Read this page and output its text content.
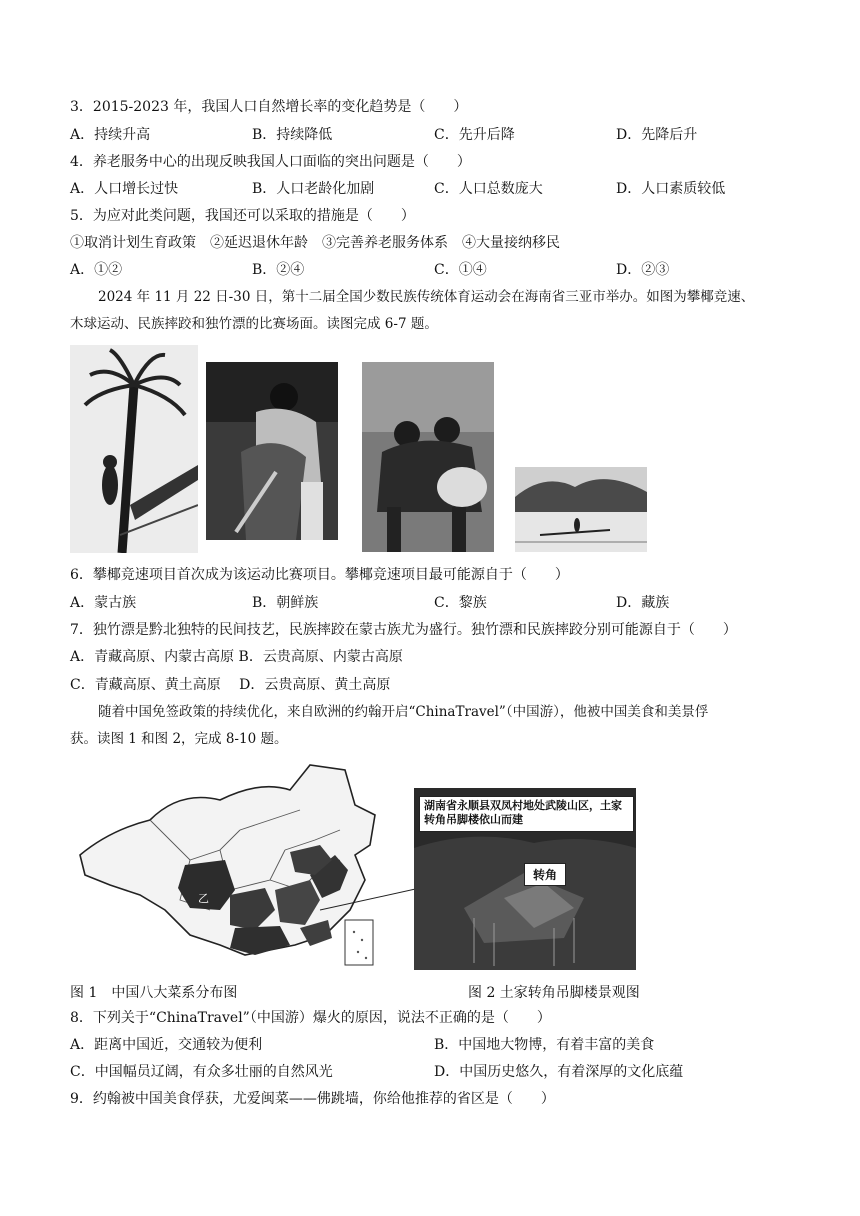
3．2015-2023 年，我国人口自然增长率的变化趋势是（　　）
A．持续升高	B．持续降低	C．先升后降	D．先降后升
4．养老服务中心的出现反映我国人口面临的突出问题是（　　）
A．人口增长过快	B．人口老龄化加剧	C．人口总数庞大	D．人口素质较低
5．为应对此类问题，我国还可以采取的措施是（　　）
①取消计划生育政策　②延迟退休年龄　③完善养老服务体系　④大量接纳移民
A．①②	B．②④	C．①④	D．②③
2024 年 11 月 22 日-30 日，第十二届全国少数民族传统体育运动会在海南省三亚市举办。如图为攀椰竞速、
木球运动、民族摔跤和独竹漂的比赛场面。读图完成 6-7 题。
6．攀椰竞速项目首次成为该运动比赛项目。攀椰竞速项目最可能源自于（　　）
A．蒙古族	B．朝鲜族	C．黎族	D．藏族
7．独竹漂是黔北独特的民间技艺，民族摔跤在蒙古族尤为盛行。独竹漂和民族摔跤分别可能源自于（　　）
A．青藏高原、内蒙古高原 B．云贵高原、内蒙古高原
C．青藏高原、黄土高原　 D．云贵高原、黄土高原
随着中国免签政策的持续优化，来自欧洲的约翰开启“ChinaTravel”（中国游），他被中国美食和美景俘
获。读图 1 和图 2，完成 8-10 题。
乙
湖南省永顺县双凤村地处武陵山区，土家转角吊脚楼依山而建
转角
图 1　中国八大菜系分布图	图 2 土家转角吊脚楼景观图
8．下列关于“ChinaTravel”（中国游）爆火的原因，说法不正确的是（　　）
A．距离中国近，交通较为便利	B．中国地大物博，有着丰富的美食
C．中国幅员辽阔，有众多壮丽的自然风光	D．中国历史悠久，有着深厚的文化底蕴
9．约翰被中国美食俘获，尤爱闽菜——佛跳墙，你给他推荐的省区是（　　）
